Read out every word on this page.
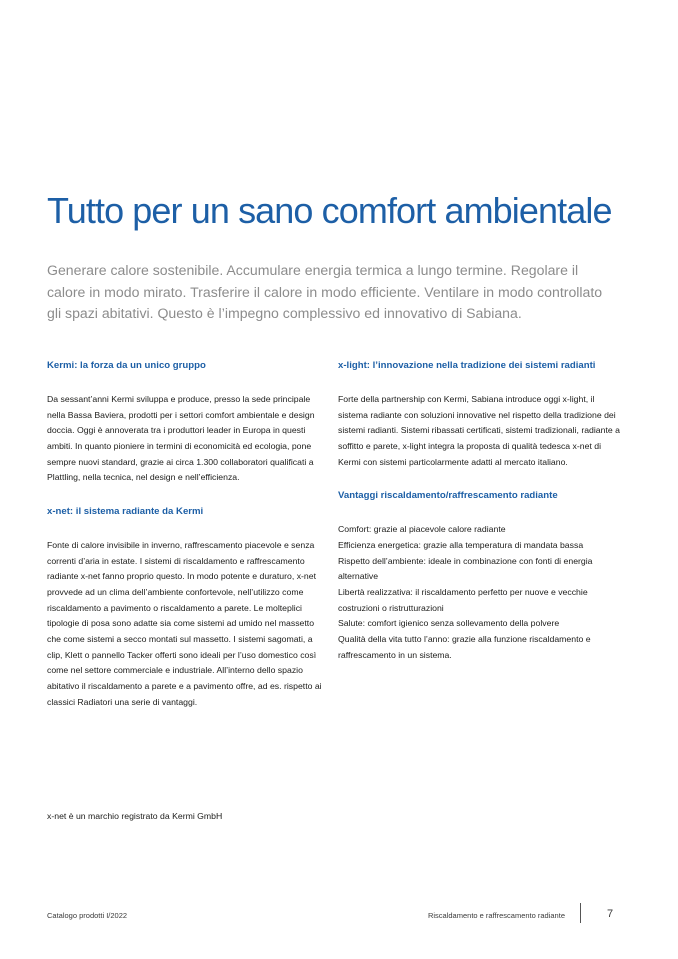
Tutto per un sano comfort ambientale

Generare calore sostenibile. Accumulare energia termica a lungo termine. Regolare il calore in modo mirato. Trasferire il calore in modo efficiente. Ventilare in modo controllato gli spazi abitativi. Questo è l’impegno complessivo ed innovativo di Sabiana.

Kermi: la forza da un unico gruppo

Da sessant’anni Kermi sviluppa e produce, presso la sede principale nella Bassa Baviera, prodotti per i settori comfort ambientale e design doccia. Oggi è annoverata tra i produttori leader in Europa in questi ambiti. In quanto pioniere in termini di economicità ed ecologia, pone sempre nuovi standard, grazie ai circa 1.300 collaboratori qualificati a Plattling, nella tecnica, nel design e nell’efficienza.

x-net: il sistema radiante da Kermi

Fonte di calore invisibile in inverno, raffrescamento piacevole e senza correnti d’aria in estate. I sistemi di riscaldamento e raffrescamento radiante x-net fanno proprio questo. In modo potente e duraturo, x-net provvede ad un clima dell’ambiente confortevole, nell’utilizzo come riscaldamento a pavimento o riscaldamento a parete. Le molteplici tipologie di posa sono adatte sia come sistemi ad umido nel massetto che come sistemi a secco montati sul massetto. I sistemi sagomati, a clip, Klett o pannello Tacker offerti sono ideali per l’uso domestico così come nel settore commerciale e industriale. All’interno dello spazio abitativo il riscaldamento a parete e a pavimento offre, ad es. rispetto ai classici Radiatori una serie di vantaggi.

x-light: l’innovazione nella tradizione dei sistemi radianti

Forte della partnership con Kermi, Sabiana introduce oggi x-light, il sistema radiante con soluzioni innovative nel rispetto della tradizione dei sistemi radianti. Sistemi ribassati certificati, sistemi tradizionali, radiante a soffitto e parete, x-light integra la proposta di qualità tedesca x-net di Kermi con sistemi particolarmente adatti al mercato italiano.

Vantaggi riscaldamento/raffrescamento radiante
Comfort: grazie al piacevole calore radiante
Efficienza energetica: grazie alla temperatura di mandata bassa
Rispetto dell’ambiente: ideale in combinazione con fonti di energia alternative
Libertà realizzativa: il riscaldamento perfetto per nuove e vecchie costruzioni o ristrutturazioni
Salute: comfort igienico senza sollevamento della polvere
Qualità della vita tutto l’anno: grazie alla funzione riscaldamento e raffrescamento in un sistema.

x-net è un marchio registrato da Kermi GmbH

Catalogo prodotti I/2022	Riscaldamento e raffrescamento radiante	7
